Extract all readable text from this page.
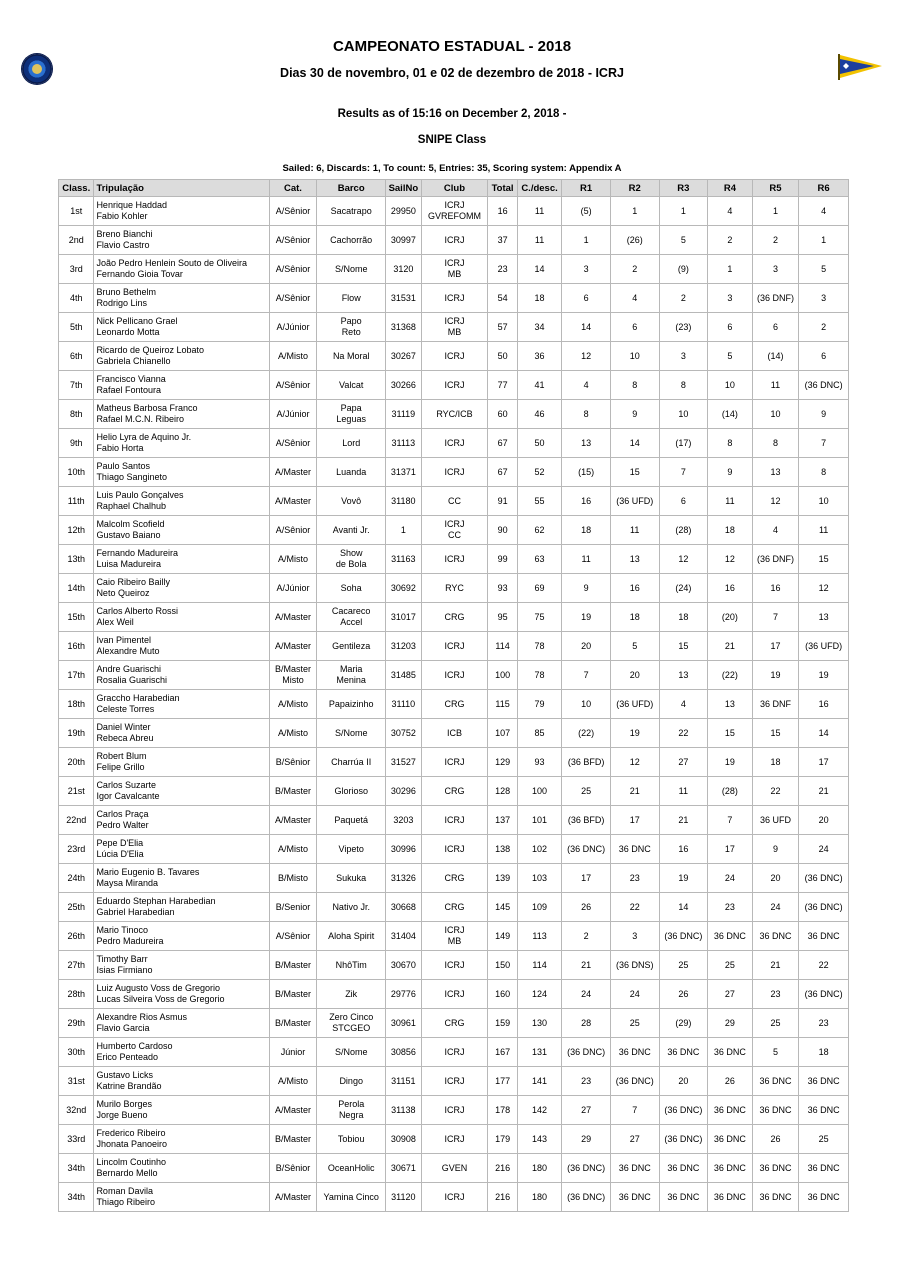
CAMPEONATO ESTADUAL - 2018
Dias 30 de novembro, 01 e 02 de dezembro de 2018 - ICRJ
Results as of 15:16 on December 2, 2018 -
SNIPE Class
Sailed: 6, Discards: 1, To count: 5, Entries: 35, Scoring system: Appendix A
Class.	Tripulação	Cat.	Barco	SailNo	Club	Total	C./desc.	R1	R2	R3	R4	R5	R6
1st	Henrique Haddad
Fabio Kohler	A/Sênior	Sacatrapo	29950	ICRJ
GVREFOMM	16	11	(5)	1	1	4	1	4
2nd	Breno Bianchi
Flavio Castro	A/Sênior	Cachorrão	30997	ICRJ	37	11	1	(26)	5	2	2	1
3rd	João Pedro Henlein Souto de Oliveira
Fernando Gioia Tovar	A/Sênior	S/Nome	3120	ICRJ
MB	23	14	3	2	(9)	1	3	5
4th	Bruno Bethelm
Rodrigo Lins	A/Sênior	Flow	31531	ICRJ	54	18	6	4	2	3	(36 DNF)	3
5th	Nick Pellicano Grael
Leonardo Motta	A/Júnior	Papo
Reto	31368	ICRJ
MB	57	34	14	6	(23)	6	6	2
6th	Ricardo de Queiroz Lobato
Gabriela Chianello	A/Misto	Na Moral	30267	ICRJ	50	36	12	10	3	5	(14)	6
7th	Francisco Vianna
Rafael Fontoura	A/Sênior	Valcat	30266	ICRJ	77	41	4	8	8	10	11	(36 DNC)
8th	Matheus Barbosa Franco
Rafael M.C.N. Ribeiro	A/Júnior	Papa
Leguas	31119	RYC/ICB	60	46	8	9	10	(14)	10	9
9th	Helio Lyra de Aquino Jr.
Fabio Horta	A/Sênior	Lord	31113	ICRJ	67	50	13	14	(17)	8	8	7
10th	Paulo Santos
Thiago Sangineto	A/Master	Luanda	31371	ICRJ	67	52	(15)	15	7	9	13	8
11th	Luis Paulo Gonçalves
Raphael Chalhub	A/Master	Vovô	31180	CC	91	55	16	(36 UFD)	6	11	12	10
12th	Malcolm Scofield
Gustavo Baiano	A/Sênior	Avanti Jr.	1	ICRJ
CC	90	62	18	11	(28)	18	4	11
13th	Fernando Madureira
Luisa Madureira	A/Misto	Show
de Bola	31163	ICRJ	99	63	11	13	12	12	(36 DNF)	15
14th	Caio Ribeiro Bailly
Neto Queiroz	A/Júnior	Soha	30692	RYC	93	69	9	16	(24)	16	16	12
15th	Carlos Alberto Rossi
Alex Weil	A/Master	Cacareco
Accel	31017	CRG	95	75	19	18	18	(20)	7	13
16th	Ivan Pimentel
Alexandre Muto	A/Master	Gentileza	31203	ICRJ	114	78	20	5	15	21	17	(36 UFD)
17th	Andre Guarischi
Rosalia Guarischi	B/Master
Misto	Maria
Menina	31485	ICRJ	100	78	7	20	13	(22)	19	19
18th	Graccho Harabedian
Celeste Torres	A/Misto	Papaizinho	31110	CRG	115	79	10	(36 UFD)	4	13	36 DNF	16
19th	Daniel Winter
Rebeca Abreu	A/Misto	S/Nome	30752	ICB	107	85	(22)	19	22	15	15	14
20th	Robert Blum
Felipe Grillo	B/Sênior	Charrúa II	31527	ICRJ	129	93	(36 BFD)	12	27	19	18	17
21st	Carlos Suzarte
Igor Cavalcante	B/Master	Glorioso	30296	CRG	128	100	25	21	11	(28)	22	21
22nd	Carlos Praça
Pedro Walter	A/Master	Paquetá	3203	ICRJ	137	101	(36 BFD)	17	21	7	36 UFD	20
23rd	Pepe D'Elia
Lúcia D'Elia	A/Misto	Vipeto	30996	ICRJ	138	102	(36 DNC)	36 DNC	16	17	9	24
24th	Mario Eugenio B. Tavares
Maysa Miranda	B/Misto	Sukuka	31326	CRG	139	103	17	23	19	24	20	(36 DNC)
25th	Eduardo Stephan Harabedian
Gabriel Harabedian	B/Senior	Nativo Jr.	30668	CRG	145	109	26	22	14	23	24	(36 DNC)
26th	Mario Tinoco
Pedro Madureira	A/Sênior	Aloha Spirit	31404	ICRJ
MB	149	113	2	3	(36 DNC)	36 DNC	36 DNC	36 DNC
27th	Timothy Barr
Isias Firmiano	B/Master	NhôTim	30670	ICRJ	150	114	21	(36 DNS)	25	25	21	22
28th	Luiz Augusto Voss de Gregorio
Lucas Silveira Voss de Gregorio	B/Master	Zik	29776	ICRJ	160	124	24	24	26	27	23	(36 DNC)
29th	Alexandre Rios Asmus
Flavio Garcia	B/Master	Zero Cinco
STCGEO	30961	CRG	159	130	28	25	(29)	29	25	23
30th	Humberto Cardoso
Erico Penteado	Júnior	S/Nome	30856	ICRJ	167	131	(36 DNC)	36 DNC	36 DNC	36 DNC	5	18
31st	Gustavo Licks
Katrine Brandão	A/Misto	Dingo	31151	ICRJ	177	141	23	(36 DNC)	20	26	36 DNC	36 DNC
32nd	Murilo Borges
Jorge Bueno	A/Master	Perola
Negra	31138	ICRJ	178	142	27	7	(36 DNC)	36 DNC	36 DNC	36 DNC
33rd	Frederico Ribeiro
Jhonata Panoeiro	B/Master	Tobiou	30908	ICRJ	179	143	29	27	(36 DNC)	36 DNC	26	25
34th	Lincolm Coutinho
Bernardo Mello	B/Sênior	OceanHolic	30671	GVEN	216	180	(36 DNC)	36 DNC	36 DNC	36 DNC	36 DNC	36 DNC
34th	Roman Davila
Thiago Ribeiro	A/Master	Yamina Cinco	31120	ICRJ	216	180	(36 DNC)	36 DNC	36 DNC	36 DNC	36 DNC	36 DNC
